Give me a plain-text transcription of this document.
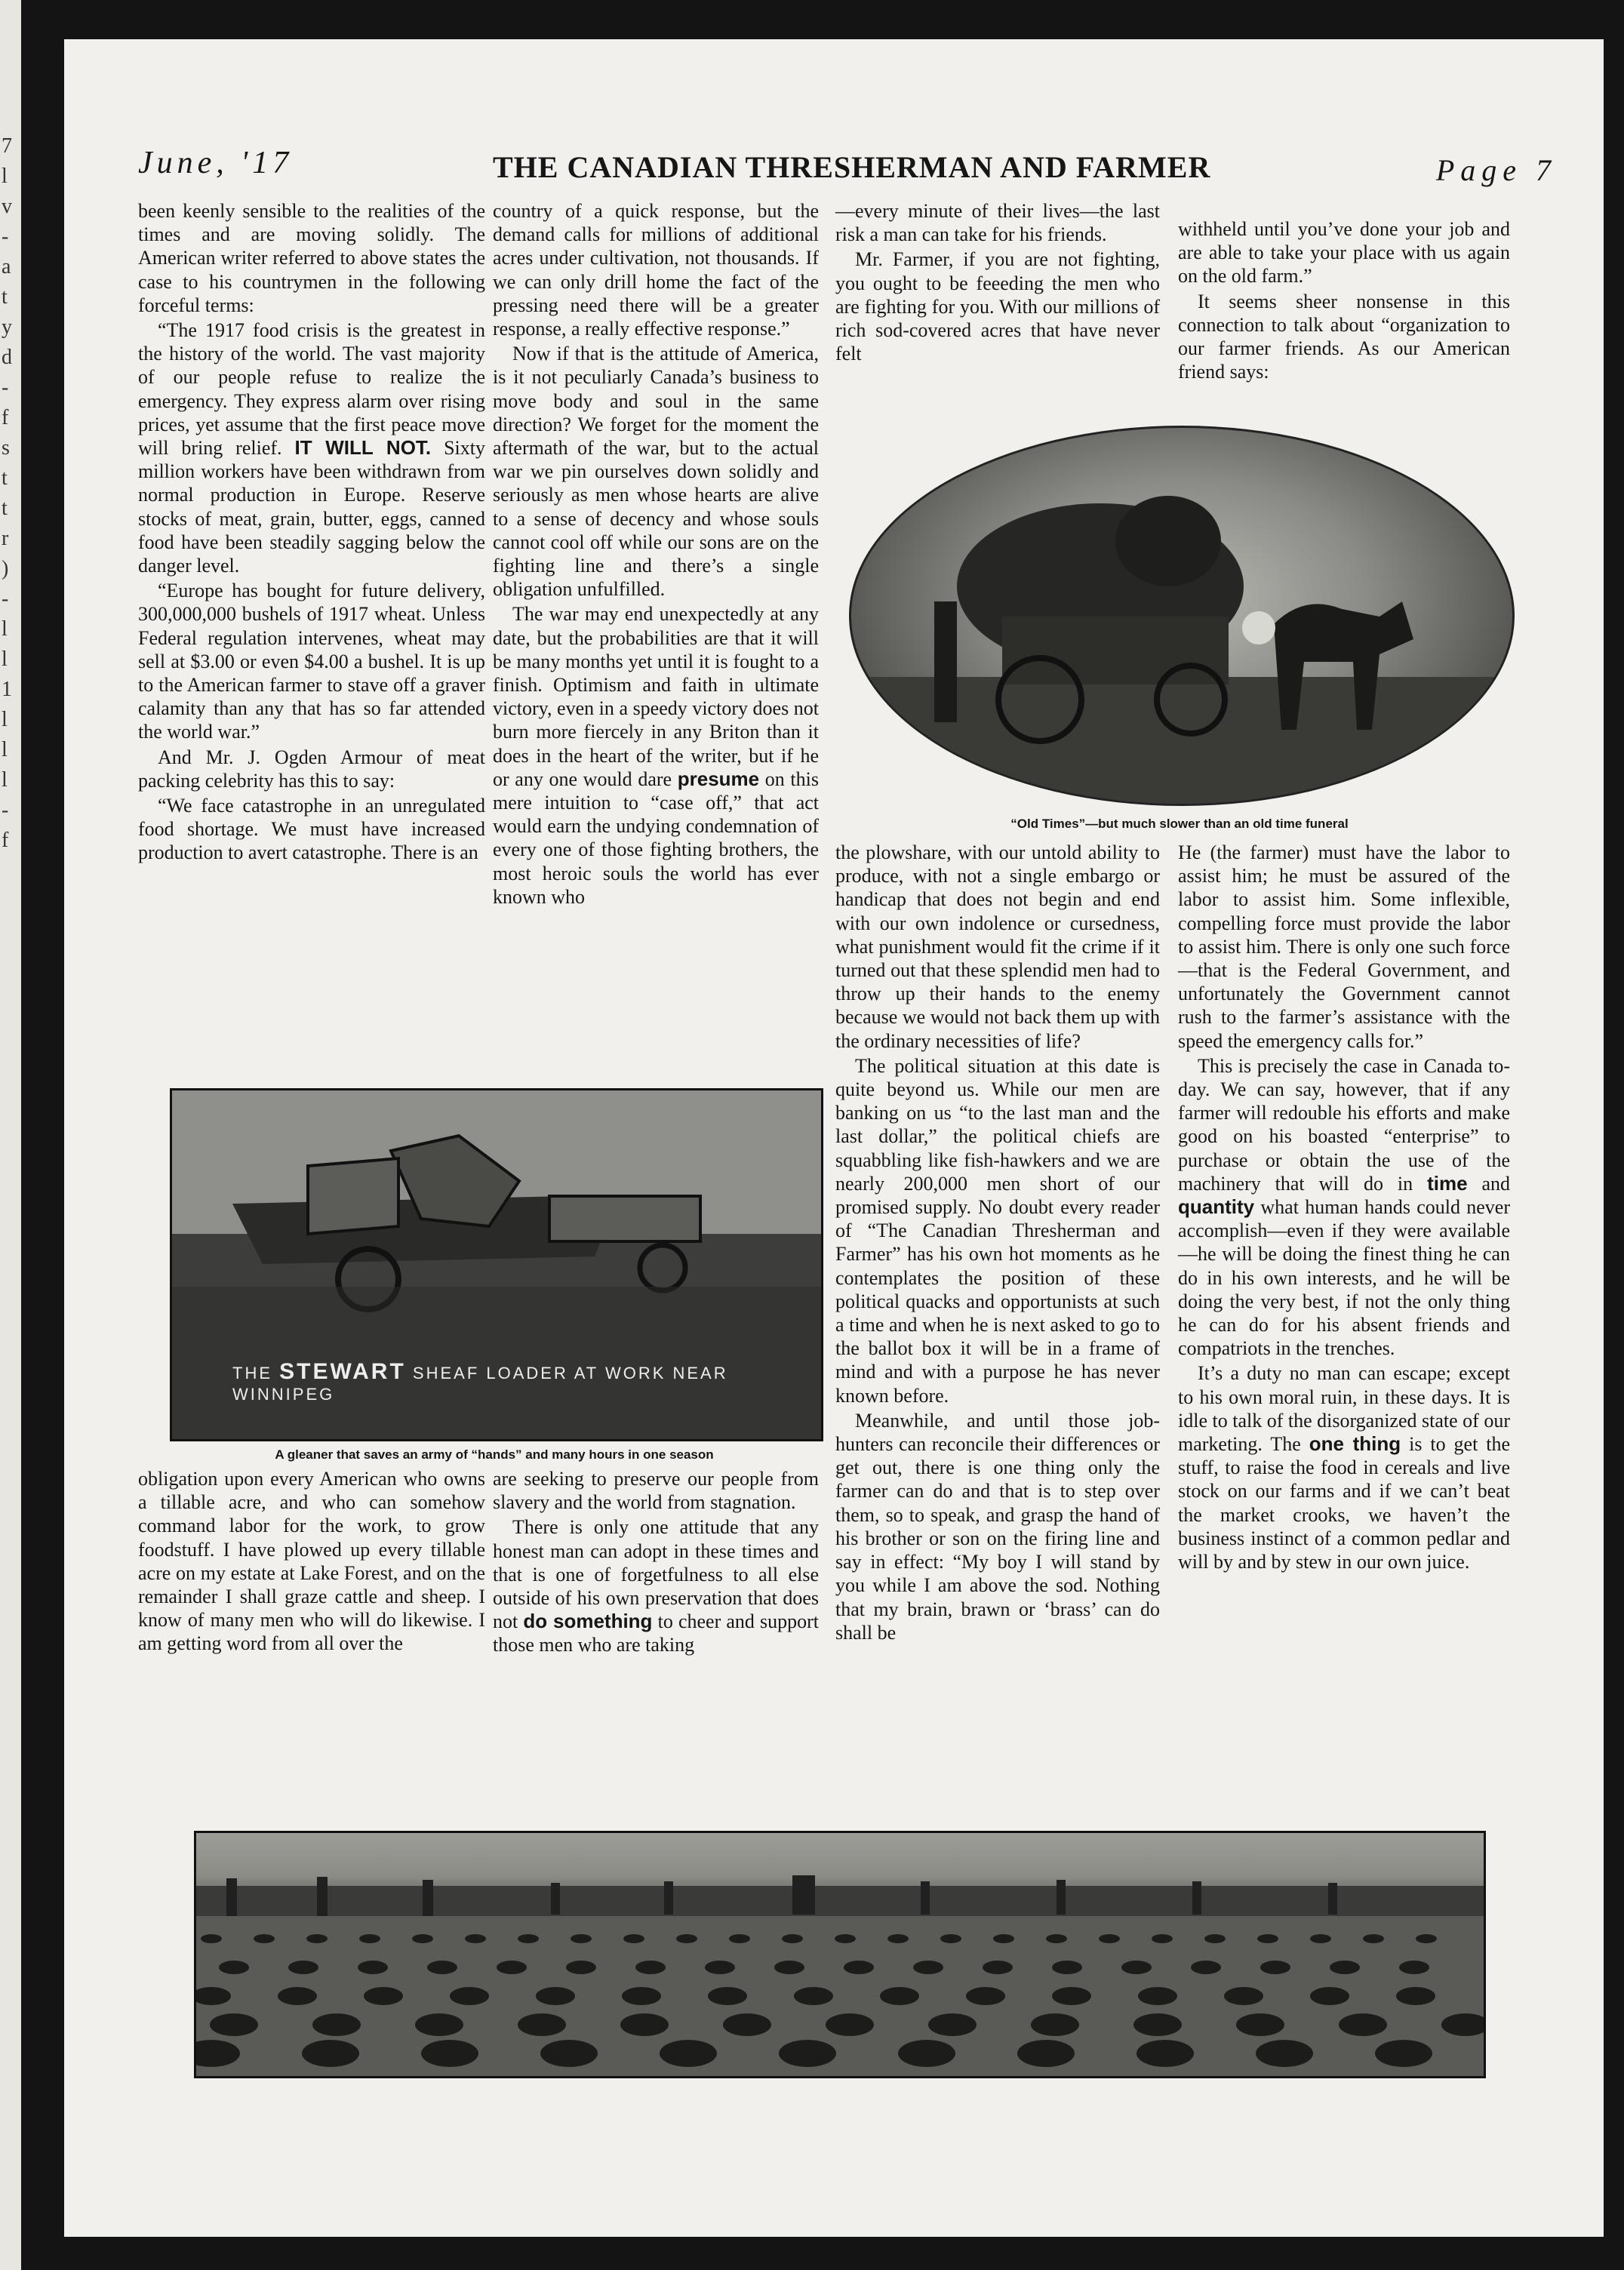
7
l
v
-
a
t
y
d
-
f
s
t
t
r
)
-
l
l
1
l
l
l
-
f
June, '17	THE CANADIAN THRESHERMAN AND FARMER	Page 7

been keenly sensible to the realities of the times and are moving solidly. The American writer referred to above states the case to his countrymen in the following forceful terms:

“The 1917 food crisis is the greatest in the history of the world. The vast majority of our people refuse to realize the emergency. They express alarm over rising prices, yet assume that the first peace move will bring relief. IT WILL NOT. Sixty million workers have been withdrawn from normal production in Europe. Reserve stocks of meat, grain, butter, eggs, canned food have been steadily sagging below the danger level.

“Europe has bought for future delivery, 300,000,000 bushels of 1917 wheat. Unless Federal regulation intervenes, wheat may sell at $3.00 or even $4.00 a bushel. It is up to the American farmer to stave off a graver calamity than any that has so far attended the world war.”

And Mr. J. Ogden Armour of meat packing celebrity has this to say:

“We face catastrophe in an unregulated food shortage. We must have increased production to avert catastrophe. There is an

country of a quick response, but the demand calls for millions of additional acres under cultivation, not thousands. If we can only drill home the fact of the pressing need there will be a greater response, a really effective response.”

Now if that is the attitude of America, is it not peculiarly Canada’s business to move body and soul in the same direction? We forget for the moment the aftermath of the war, but to the actual war we pin ourselves down solidly and seriously as men whose hearts are alive to a sense of decency and whose souls cannot cool off while our sons are on the fighting line and there’s a single obligation unfulfilled.

The war may end unexpectedly at any date, but the probabilities are that it will be many months yet until it is fought to a finish. Optimism and faith in ultimate victory, even in a speedy victory does not burn more fiercely in any Briton than it does in the heart of the writer, but if he or any one would dare presume on this mere intuition to “case off,” that act would earn the undying condemnation of every one of those fighting brothers, the most heroic souls the world has ever known who

—every minute of their lives—the last risk a man can take for his friends.

Mr. Farmer, if you are not fighting, you ought to be feeeding the men who are fighting for you. With our millions of rich sod-covered acres that have never felt

withheld until you’ve done your job and are able to take your place with us again on the old farm.”

It seems sheer nonsense in this connection to talk about “organization to our farmer friends. As our American friend says:

“Old Times”—but much slower than an old time funeral

the plowshare, with our untold ability to produce, with not a single embargo or handicap that does not begin and end with our own indolence or cursedness, what punishment would fit the crime if it turned out that these splendid men had to throw up their hands to the enemy because we would not back them up with the ordinary necessities of life?

The political situation at this date is quite beyond us. While our men are banking on us “to the last man and the last dollar,” the political chiefs are squabbling like fish-hawkers and we are nearly 200,000 men short of our promised supply. No doubt every reader of “The Canadian Thresherman and Farmer” has his own hot moments as he contemplates the position of these political quacks and opportunists at such a time and when he is next asked to go to the ballot box it will be in a frame of mind and with a purpose he has never known before.

Meanwhile, and until those job-hunters can reconcile their differences or get out, there is one thing only the farmer can do and that is to step over them, so to speak, and grasp the hand of his brother or son on the firing line and say in effect: “My boy I will stand by you while I am above the sod. Nothing that my brain, brawn or ‘brass’ can do shall be

He (the farmer) must have the labor to assist him; he must be assured of the labor to assist him. Some inflexible, compelling force must provide the labor to assist him. There is only one such force—that is the Federal Government, and unfortunately the Government cannot rush to the farmer’s assistance with the speed the emergency calls for.”

This is precisely the case in Canada to-day. We can say, however, that if any farmer will redouble his efforts and make good on his boasted “enterprise” to purchase or obtain the use of the machinery that will do in time and quantity what human hands could never accomplish—even if they were available—he will be doing the finest thing he can do in his own interests, and he will be doing the very best, if not the only thing he can do for his absent friends and compatriots in the trenches.

It’s a duty no man can escape; except to his own moral ruin, in these days. It is idle to talk of the disorganized state of our marketing. The one thing is to get the stuff, to raise the food in cereals and live stock on our farms and if we can’t beat the market crooks, we haven’t the business instinct of a common pedlar and will by and by stew in our own juice.

THE STEWART SHEAF LOADER AT WORK NEAR WINNIPEG
A gleaner that saves an army of “hands” and many hours in one season

obligation upon every American who owns a tillable acre, and who can somehow command labor for the work, to grow foodstuff. I have plowed up every tillable acre on my estate at Lake Forest, and on the remainder I shall graze cattle and sheep. I know of many men who will do likewise. I am getting word from all over the

are seeking to preserve our people from slavery and the world from stagnation.

There is only one attitude that any honest man can adopt in these times and that is one of forgetfulness to all else outside of his own preservation that does not do something to cheer and support those men who are taking
